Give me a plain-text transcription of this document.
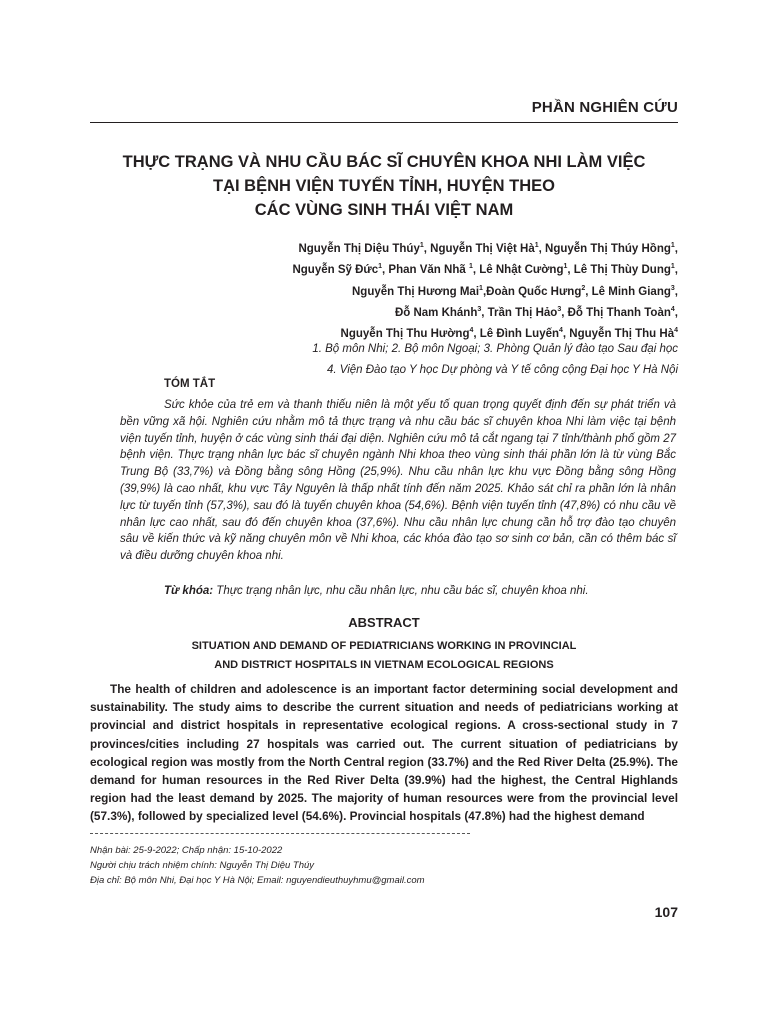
PHẦN NGHIÊN CỨU
THỰC TRẠNG VÀ NHU CẦU BÁC SĨ CHUYÊN KHOA NHI LÀM VIỆC
TẠI BỆNH VIỆN TUYẾN TỈNH, HUYỆN THEO
CÁC VÙNG SINH THÁI VIỆT NAM
Nguyễn Thị Diệu Thúy$^1$, Nguyễn Thị Việt $Hà^1$, Nguyễn Thị Thúy Hồng$^1$,
Nguyễn Sỹ Đức$^1$, Phan Văn Nhã $^1$, Lê Nhật Cường$^1$, Lê Thị Thùy Dung$^1$,
Nguyễn Thị Hương Mai$^1$,Đoàn Quốc Hưng$^2$, Lê Minh Giang$^3$,
Đỗ Nam Khánh$^3$, Trần Thị Hảo$^3$, Đỗ Thị Thanh Toàn$^4$,
Nguyễn Thị Thu Hường$^4$, Lê Đình Luyến$^4$, Nguyễn Thị Thu $Hà^4$
1. Bộ môn Nhi; 2. Bộ môn Ngoại; 3. Phòng Quản lý đào tạo Sau đại học
4. Viện Đào tạo Y học Dự phòng và Y tế công cộng Đại học Y Hà Nội
TÓM TẮT
Sức khỏe của trẻ em và thanh thiếu niên là một yếu tố quan trọng quyết định đến sự phát triển và bền vững xã hội. Nghiên cứu nhằm mô tả thực trạng và nhu cầu bác sĩ chuyên khoa Nhi làm việc tại bệnh viện tuyến tỉnh, huyện ở các vùng sinh thái đại diện. Nghiên cứu mô tả cắt ngang tại 7 tỉnh/thành phố gồm 27 bệnh viện. Thực trạng nhân lực bác sĩ chuyên ngành Nhi khoa theo vùng sinh thái phần lớn là từ vùng Bắc Trung Bộ (33,7%) và Đồng bằng sông Hồng (25,9%). Nhu cầu nhân lực khu vực Đồng bằng sông Hồng (39,9%) là cao nhất, khu vực Tây Nguyên là thấp nhất tính đến năm 2025. Khảo sát chỉ ra phần lớn là nhân lực từ tuyến tỉnh (57,3%), sau đó là tuyến chuyên khoa (54,6%). Bệnh viện tuyến tỉnh (47,8%) có nhu cầu về nhân lực cao nhất, sau đó đến chuyên khoa (37,6%). Nhu cầu nhân lực chung cần hỗ trợ đào tạo chuyên sâu về kiến thức và kỹ năng chuyên môn về Nhi khoa, các khóa đào tạo sơ sinh cơ bản, cần có thêm bác sĩ và điều dưỡng chuyên khoa nhi.
Từ khóa: Thực trạng nhân lực, nhu cầu nhân lực, nhu cầu bác sĩ, chuyên khoa nhi.
ABSTRACT
SITUATION AND DEMAND OF PEDIATRICIANS WORKING IN PROVINCIAL
AND DISTRICT HOSPITALS IN VIETNAM ECOLOGICAL REGIONS
The health of children and adolescence is an important factor determining social development and sustainability. The study aims to describe the current situation and needs of pediatricians working at provincial and district hospitals in representative ecological regions. A cross-sectional study in 7 provinces/cities including 27 hospitals was carried out. The current situation of pediatricians by ecological region was mostly from the North Central region (33.7%) and the Red River Delta (25.9%). The demand for human resources in the Red River Delta (39.9%) had the highest, the Central Highlands region had the least demand by 2025. The majority of human resources were from the provincial level (57.3%), followed by specialized level (54.6%). Provincial hospitals (47.8%) had the highest demand
Nhận bài: 25-9-2022; Chấp nhận: 15-10-2022
Người chịu trách nhiệm chính: Nguyễn Thị Diệu Thúy
Địa chỉ: Bộ môn Nhi, Đại học Y Hà Nội; Email: nguyendieuthuyhmu@gmail.com
107
